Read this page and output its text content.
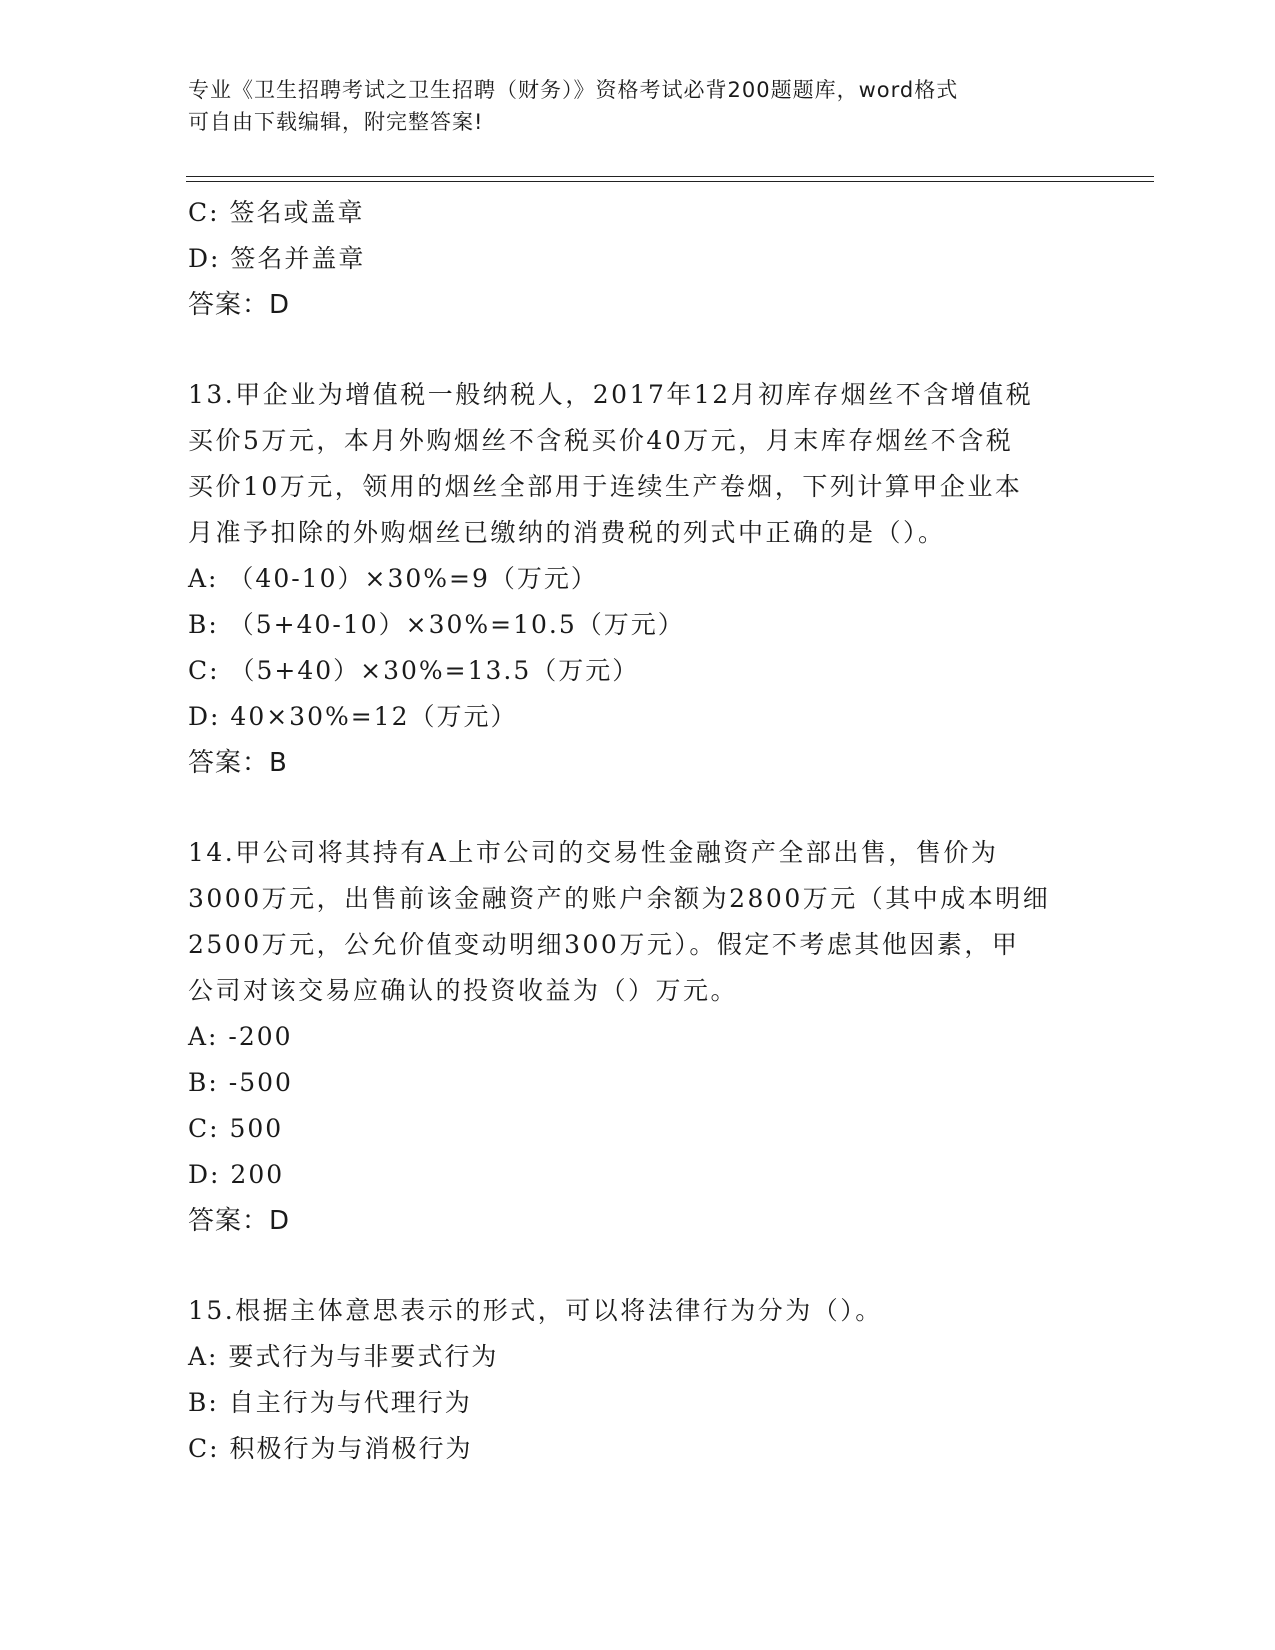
专业《卫生招聘考试之卫生招聘（财务）》资格考试必背200题题库，word格式
可自由下载编辑，附完整答案!
C: 签名或盖章
D: 签名并盖章
答案：D
13.甲企业为增值税一般纳税人，2017年12月初库存烟丝不含增值税
买价5万元，本月外购烟丝不含税买价40万元，月末库存烟丝不含税
买价10万元，领用的烟丝全部用于连续生产卷烟，下列计算甲企业本
月准予扣除的外购烟丝已缴纳的消费税的列式中正确的是（）。
A: （40-10）×30%=9（万元）
B: （5+40-10）×30%=10.5（万元）
C: （5+40）×30%=13.5（万元）
D: 40×30%=12（万元）
答案：B
14.甲公司将其持有A上市公司的交易性金融资产全部出售，售价为
3000万元，出售前该金融资产的账户余额为2800万元（其中成本明细
2500万元，公允价值变动明细300万元）。假定不考虑其他因素，甲
公司对该交易应确认的投资收益为（）万元。
A: -200
B: -500
C: 500
D: 200
答案：D
15.根据主体意思表示的形式，可以将法律行为分为（）。
A: 要式行为与非要式行为
B: 自主行为与代理行为
C: 积极行为与消极行为
